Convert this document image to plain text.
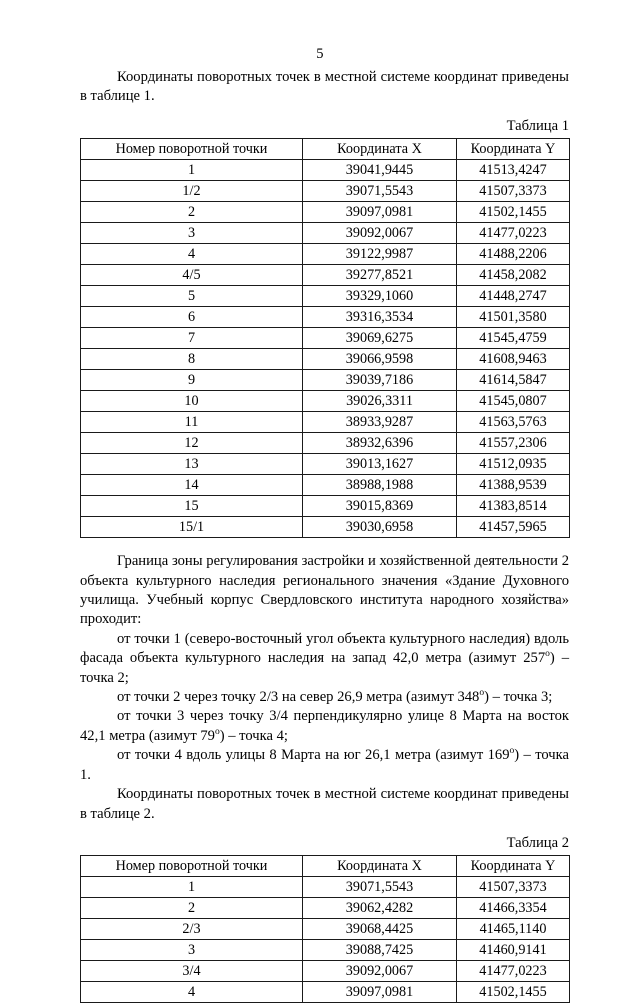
5

Координаты поворотных точек в местной системе координат приведены в таблице 1.

Таблица 1

Номер поворотной точки	Координата X	Координата Y
1	39041,9445	41513,4247
1/2	39071,5543	41507,3373
2	39097,0981	41502,1455
3	39092,0067	41477,0223
4	39122,9987	41488,2206
4/5	39277,8521	41458,2082
5	39329,1060	41448,2747
6	39316,3534	41501,3580
7	39069,6275	41545,4759
8	39066,9598	41608,9463
9	39039,7186	41614,5847
10	39026,3311	41545,0807
11	38933,9287	41563,5763
12	38932,6396	41557,2306
13	39013,1627	41512,0935
14	38988,1988	41388,9539
15	39015,8369	41383,8514
15/1	39030,6958	41457,5965

Граница зоны регулирования застройки и хозяйственной деятельности 2 объекта культурного наследия регионального значения «Здание Духовного училища. Учебный корпус Свердловского института народного хозяйства» проходит:

от точки 1 (северо-восточный угол объекта культурного наследия) вдоль фасада объекта культурного наследия на запад 42,0 метра (азимут $257^о$) – точка 2;

от точки 2 через точку 2/3 на север 26,9 метра (азимут $348^о$) – точка 3;

от точки 3 через точку 3/4 перпендикулярно улице 8 Марта на восток 42,1 метра (азимут $79^о$) – точка 4;

от точки 4 вдоль улицы 8 Марта на юг 26,1 метра (азимут $169^о$) – точка 1.

Координаты поворотных точек в местной системе координат приведены в таблице 2.

Таблица 2

Номер поворотной точки	Координата X	Координата Y
1	39071,5543	41507,3373
2	39062,4282	41466,3354
2/3	39068,4425	41465,1140
3	39088,7425	41460,9141
3/4	39092,0067	41477,0223
4	39097,0981	41502,1455
